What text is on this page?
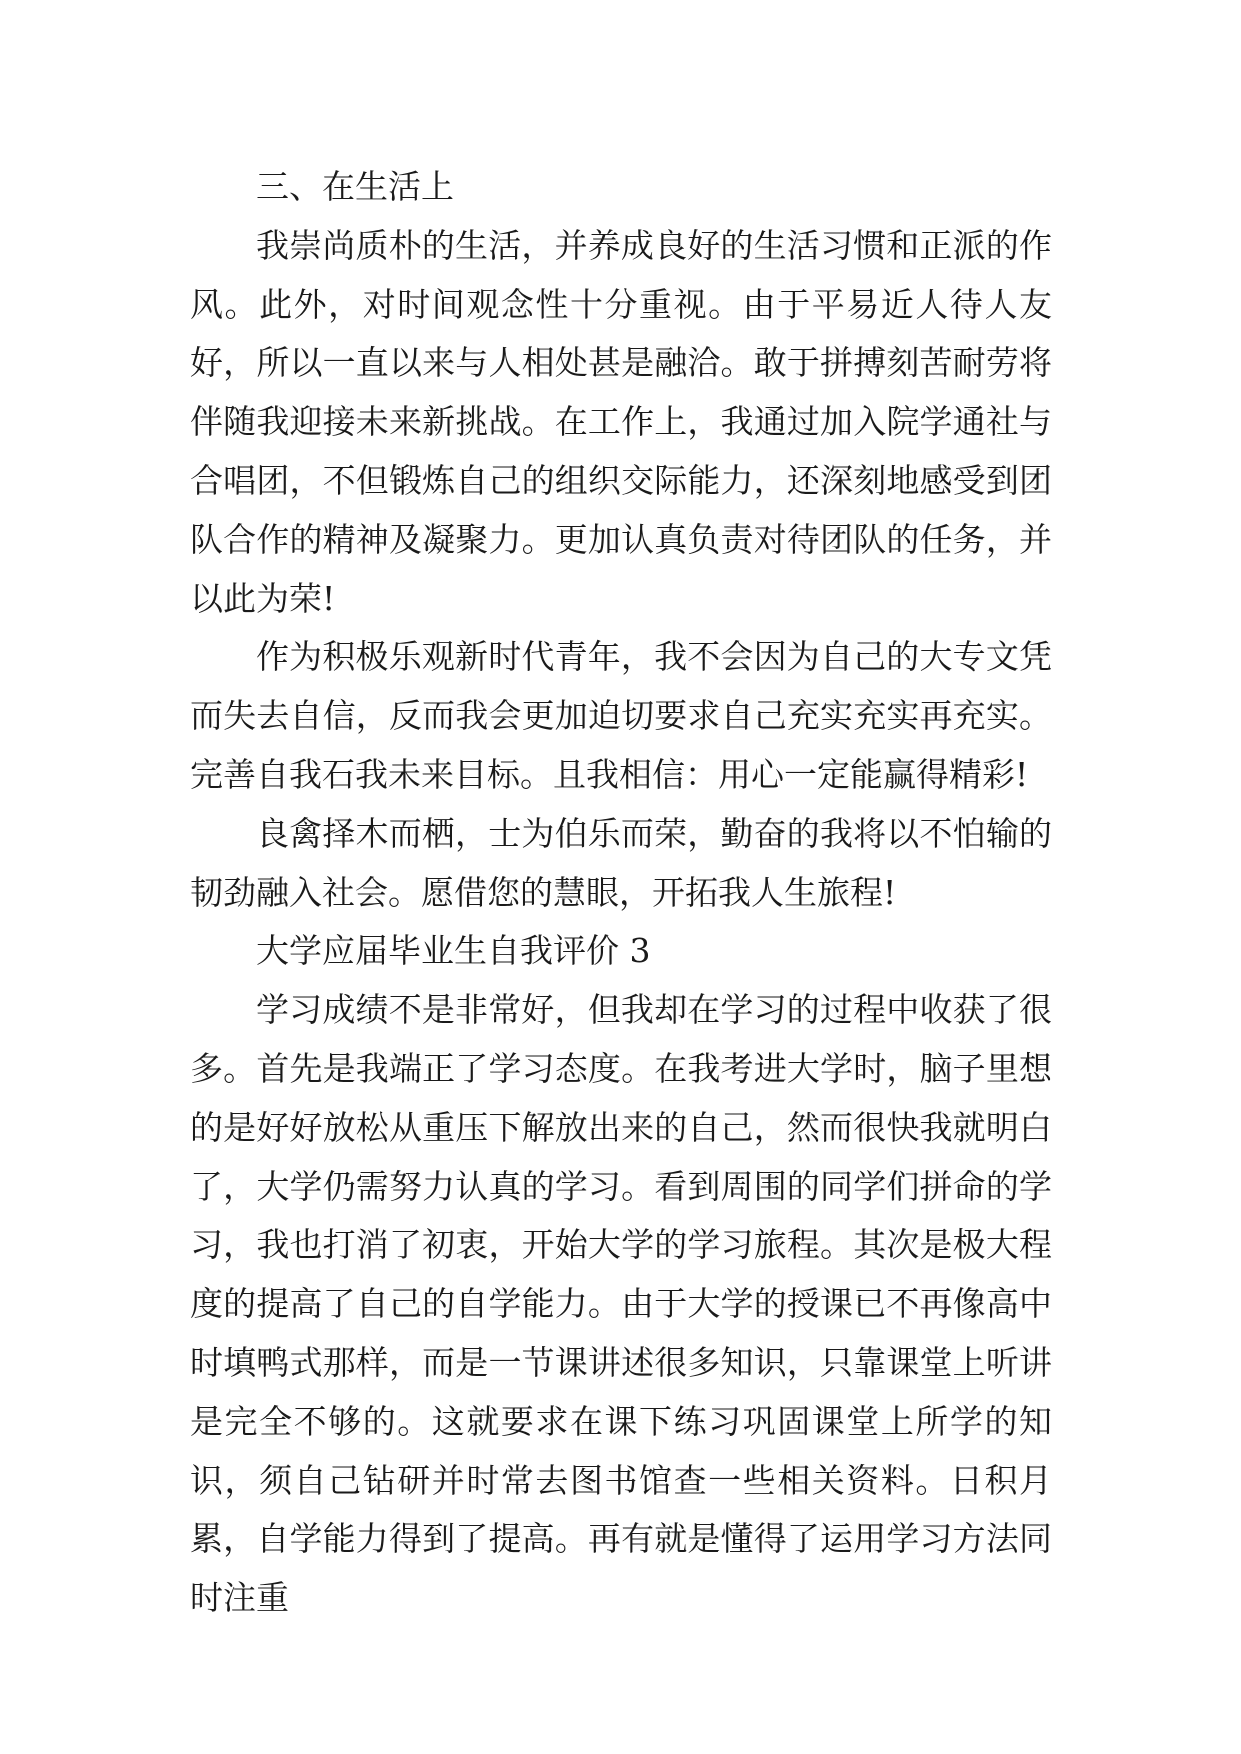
三、在生活上

我崇尚质朴的生活，并养成良好的生活习惯和正派的作风。此外，对时间观念性十分重视。由于平易近人待人友好，所以一直以来与人相处甚是融洽。敢于拼搏刻苦耐劳将伴随我迎接未来新挑战。在工作上，我通过加入院学通社与合唱团，不但锻炼自己的组织交际能力，还深刻地感受到团队合作的精神及凝聚力。更加认真负责对待团队的任务，并以此为荣!

作为积极乐观新时代青年，我不会因为自己的大专文凭而失去自信，反而我会更加迫切要求自己充实充实再充实。完善自我石我未来目标。且我相信：用心一定能赢得精彩!

良禽择木而栖，士为伯乐而荣，勤奋的我将以不怕输的韧劲融入社会。愿借您的慧眼，开拓我人生旅程!

大学应届毕业生自我评价 3

学习成绩不是非常好，但我却在学习的过程中收获了很多。首先是我端正了学习态度。在我考进大学时，脑子里想的是好好放松从重压下解放出来的自己，然而很快我就明白了，大学仍需努力认真的学习。看到周围的同学们拼命的学习，我也打消了初衷，开始大学的学习旅程。其次是极大程度的提高了自己的自学能力。由于大学的授课已不再像高中时填鸭式那样，而是一节课讲述很多知识，只靠课堂上听讲是完全不够的。这就要求在课下练习巩固课堂上所学的知识，须自己钻研并时常去图书馆查一些相关资料。日积月累，自学能力得到了提高。再有就是懂得了运用学习方法同时注重
